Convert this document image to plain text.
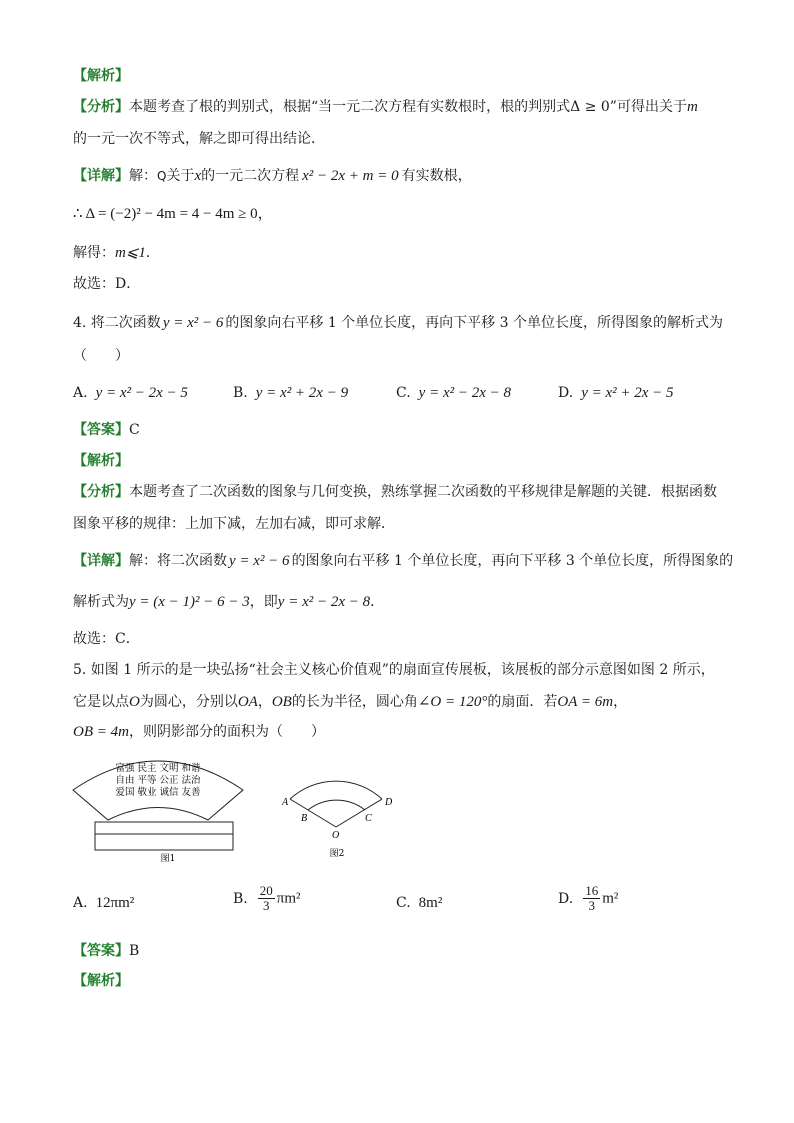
【解析】
【分析】本题考查了根的判别式，根据“当一元二次方程有实数根时，根的判别式Δ ≥ 0”可得出关于m
的一元一次不等式，解之即可得出结论．
【详解】解：Q关于x的一元二次方程 x² − 2x + m = 0 有实数根，
∴ Δ = (−2)² − 4m = 4 − 4m ≥ 0，
解得：m⩽1．
故选：D．
4. 将二次函数 y = x² − 6 的图象向右平移 1 个单位长度，再向下平移 3 个单位长度，所得图象的解析式为
（　　）
A. y = x² − 2x − 5	B. y = x² + 2x − 9	C. y = x² − 2x − 8	D. y = x² + 2x − 5
【答案】C
【解析】
【分析】本题考查了二次函数的图象与几何变换，熟练掌握二次函数的平移规律是解题的关键．根据函数
图象平移的规律：上加下减，左加右减，即可求解．
【详解】解：将二次函数 y = x² − 6 的图象向右平移 1 个单位长度，再向下平移 3 个单位长度，所得图象的
解析式为y = (x − 1)² − 6 − 3，即y = x² − 2x − 8．
故选：C．
5. 如图 1 所示的是一块弘扬“社会主义核心价值观”的扇面宣传展板，该展板的部分示意图如图 2 所示，
它是以点O为圆心，分别以OA，OB的长为半径，圆心角∠O = 120°的扇面．若OA = 6m，
OB = 4m，则阴影部分的面积为（　　）
富强 民主 文明 和谐
自由 平等 公正 法治
爱国 敬业 诚信 友善
图1
A
B	C
D
O
图2
A. 12πm²	B. $\frac{20}{3} \pi m^2$	C. 8m²	D. $\frac{16}{3} m^2$
【答案】B
【解析】
